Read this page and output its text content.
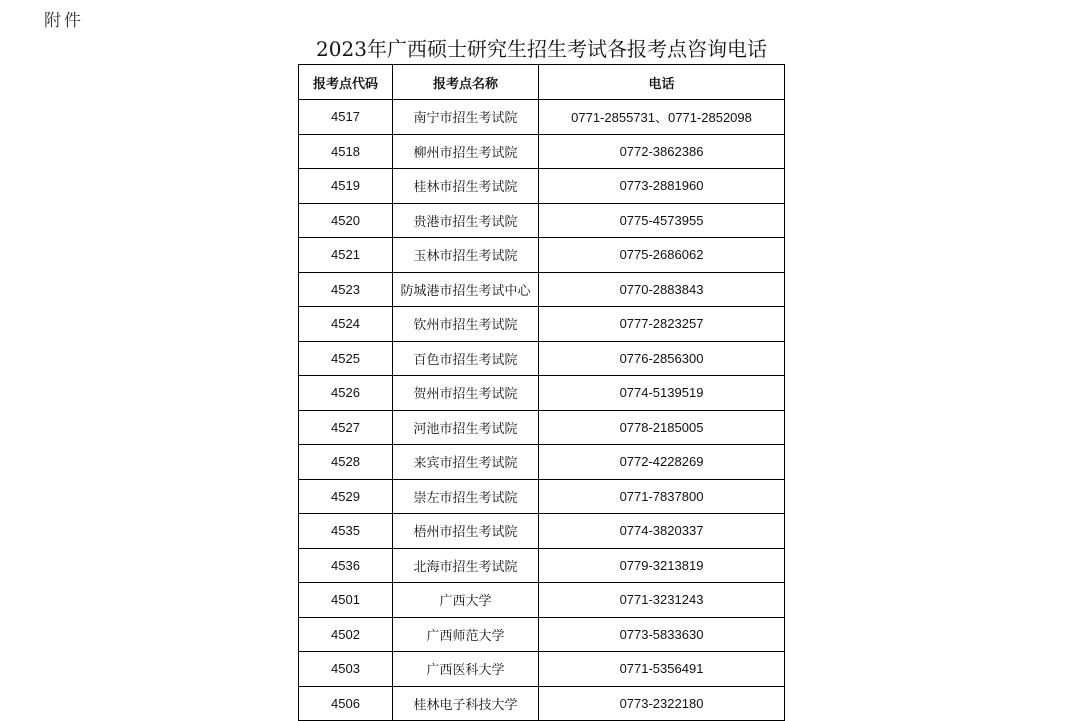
附件
2023年广西硕士研究生招生考试各报考点咨询电话
报考点代码	报考点名称	电话
4517	南宁市招生考试院	0771-2855731、0771-2852098
4518	柳州市招生考试院	0772-3862386
4519	桂林市招生考试院	0773-2881960
4520	贵港市招生考试院	0775-4573955
4521	玉林市招生考试院	0775-2686062
4523	防城港市招生考试中心	0770-2883843
4524	钦州市招生考试院	0777-2823257
4525	百色市招生考试院	0776-2856300
4526	贺州市招生考试院	0774-5139519
4527	河池市招生考试院	0778-2185005
4528	来宾市招生考试院	0772-4228269
4529	崇左市招生考试院	0771-7837800
4535	梧州市招生考试院	0774-3820337
4536	北海市招生考试院	0779-3213819
4501	广西大学	0771-3231243
4502	广西师范大学	0773-5833630
4503	广西医科大学	0771-5356491
4506	桂林电子科技大学	0773-2322180
